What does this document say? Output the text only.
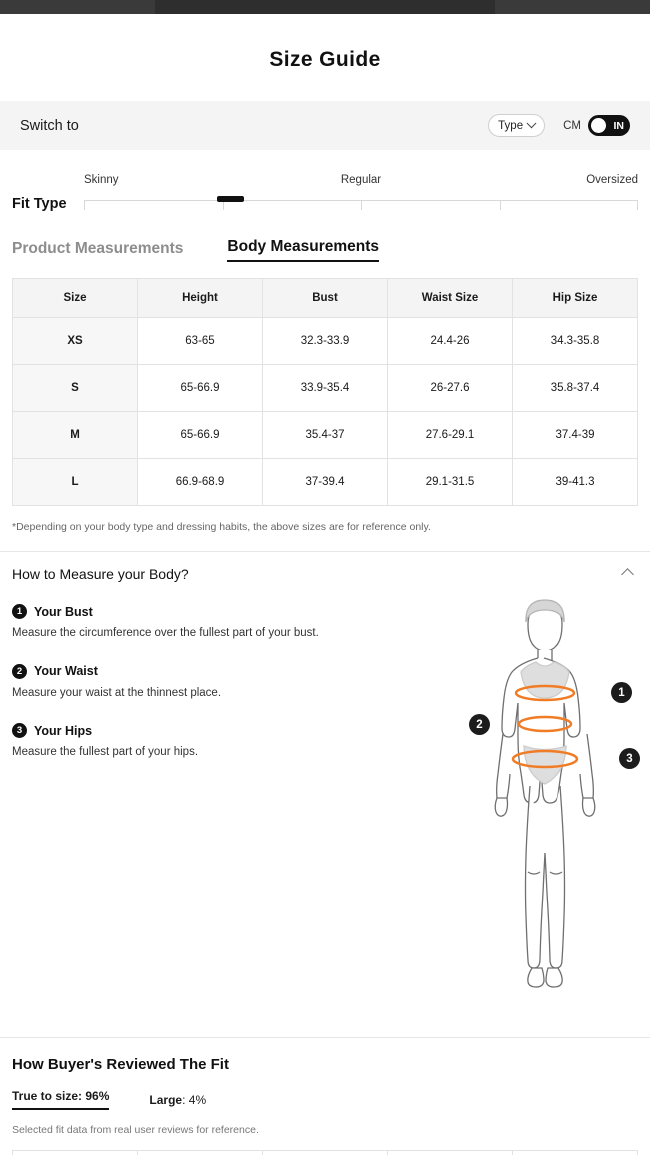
Size Guide
Switch to	Type	CM	IN
Fit Type
Skinny	Regular	Oversized
Product Measurements	Body Measurements
Size	Height	Bust	Waist Size	Hip Size
XS	63-65	32.3-33.9	24.4-26	34.3-35.8
S	65-66.9	33.9-35.4	26-27.6	35.8-37.4
M	65-66.9	35.4-37	27.6-29.1	37.4-39
L	66.9-68.9	37-39.4	29.1-31.5	39-41.3
*Depending on your body type and dressing habits, the above sizes are for reference only.
How to Measure your Body?
1 Your Bust
Measure the circumference over the fullest part of your bust.
2 Your Waist
Measure your waist at the thinnest place.
3 Your Hips
Measure the fullest part of your hips.
1
2
3
How Buyer's Reviewed The Fit
True to size: 96%	Large: 4%
Selected fit data from real user reviews for reference.
